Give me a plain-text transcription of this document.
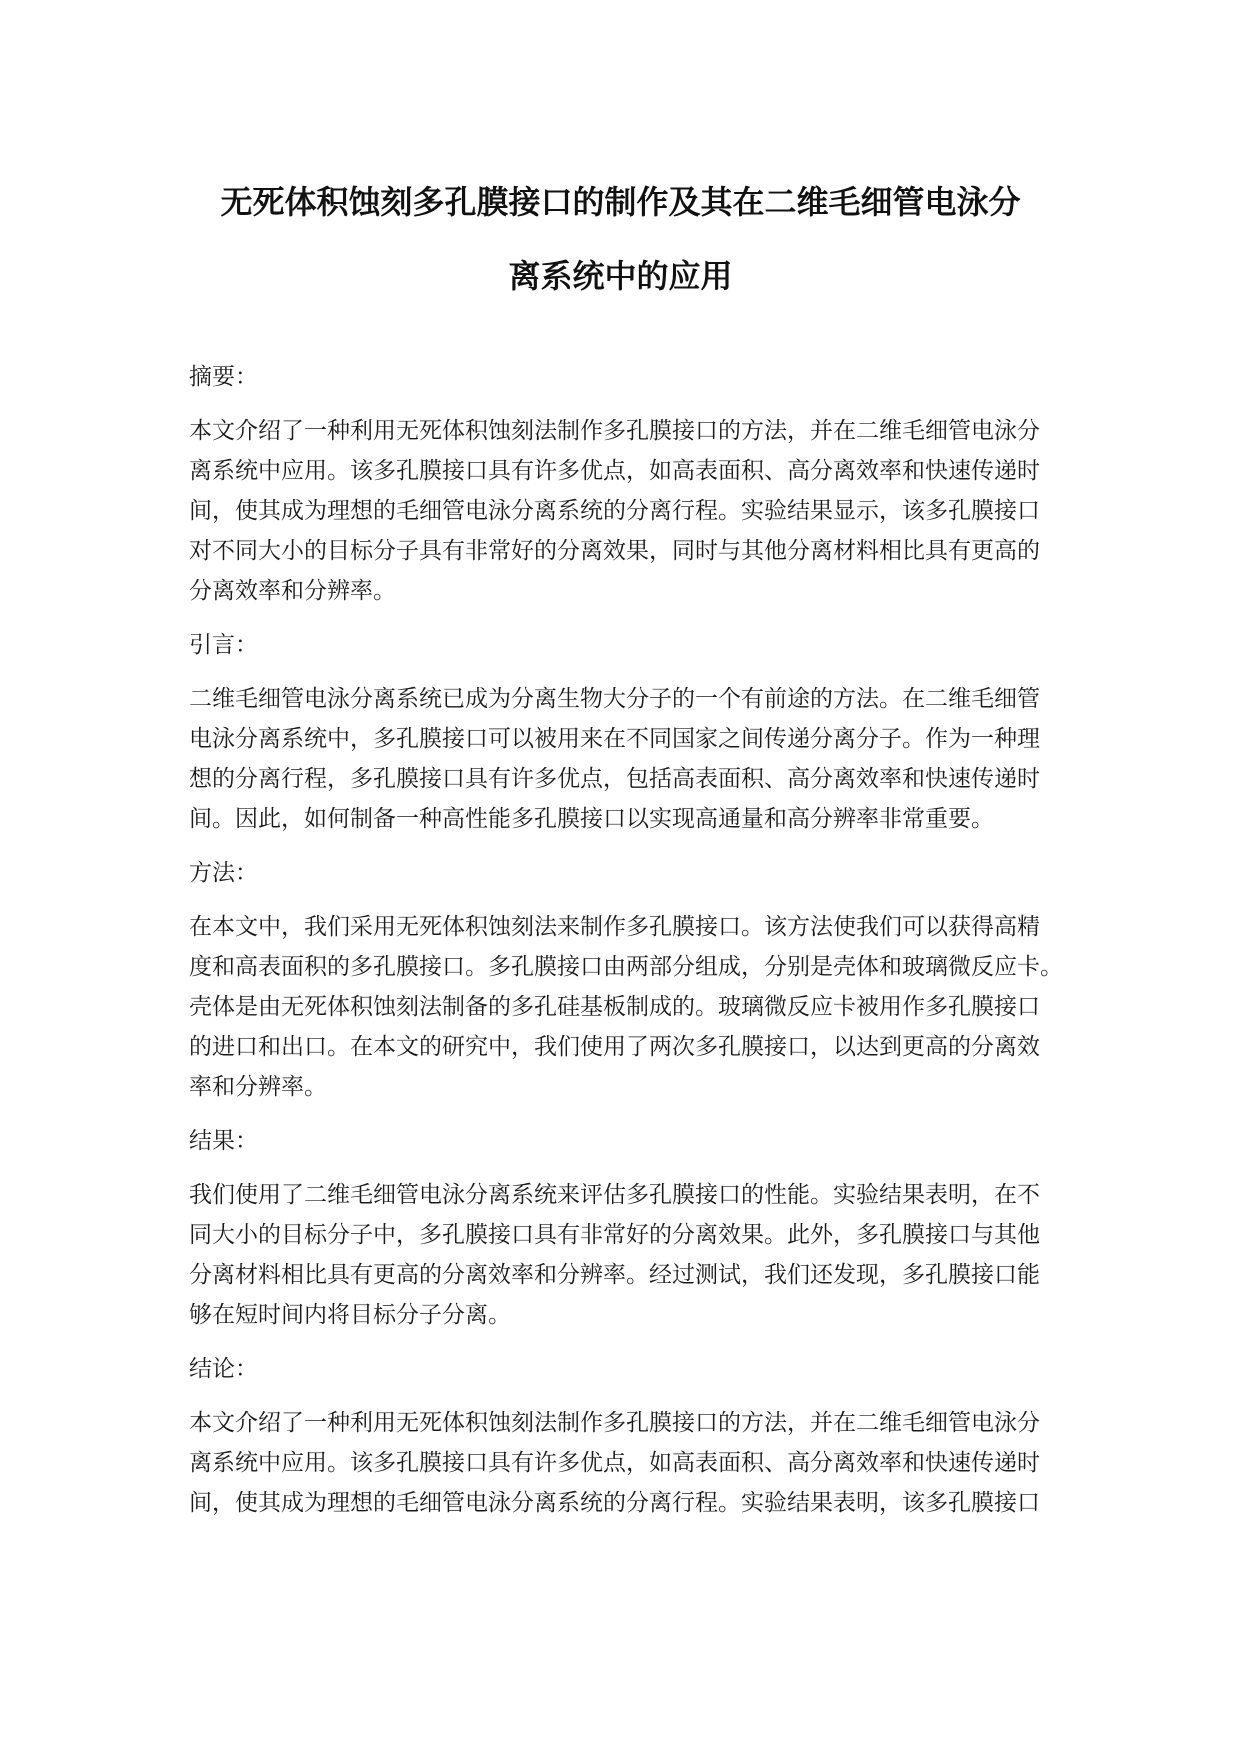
无死体积蚀刻多孔膜接口的制作及其在二维毛细管电泳分
离系统中的应用
摘要：
本文介绍了一种利用无死体积蚀刻法制作多孔膜接口的方法，并在二维毛细管电泳分
离系统中应用。该多孔膜接口具有许多优点，如高表面积、高分离效率和快速传递时
间，使其成为理想的毛细管电泳分离系统的分离行程。实验结果显示，该多孔膜接口
对不同大小的目标分子具有非常好的分离效果，同时与其他分离材料相比具有更高的
分离效率和分辨率。
引言：
二维毛细管电泳分离系统已成为分离生物大分子的一个有前途的方法。在二维毛细管
电泳分离系统中，多孔膜接口可以被用来在不同国家之间传递分离分子。作为一种理
想的分离行程，多孔膜接口具有许多优点，包括高表面积、高分离效率和快速传递时
间。因此，如何制备一种高性能多孔膜接口以实现高通量和高分辨率非常重要。
方法：
在本文中，我们采用无死体积蚀刻法来制作多孔膜接口。该方法使我们可以获得高精
度和高表面积的多孔膜接口。多孔膜接口由两部分组成，分别是壳体和玻璃微反应卡。
壳体是由无死体积蚀刻法制备的多孔硅基板制成的。玻璃微反应卡被用作多孔膜接口
的进口和出口。在本文的研究中，我们使用了两次多孔膜接口，以达到更高的分离效
率和分辨率。
结果：
我们使用了二维毛细管电泳分离系统来评估多孔膜接口的性能。实验结果表明，在不
同大小的目标分子中，多孔膜接口具有非常好的分离效果。此外，多孔膜接口与其他
分离材料相比具有更高的分离效率和分辨率。经过测试，我们还发现，多孔膜接口能
够在短时间内将目标分子分离。
结论：
本文介绍了一种利用无死体积蚀刻法制作多孔膜接口的方法，并在二维毛细管电泳分
离系统中应用。该多孔膜接口具有许多优点，如高表面积、高分离效率和快速传递时
间，使其成为理想的毛细管电泳分离系统的分离行程。实验结果表明，该多孔膜接口
